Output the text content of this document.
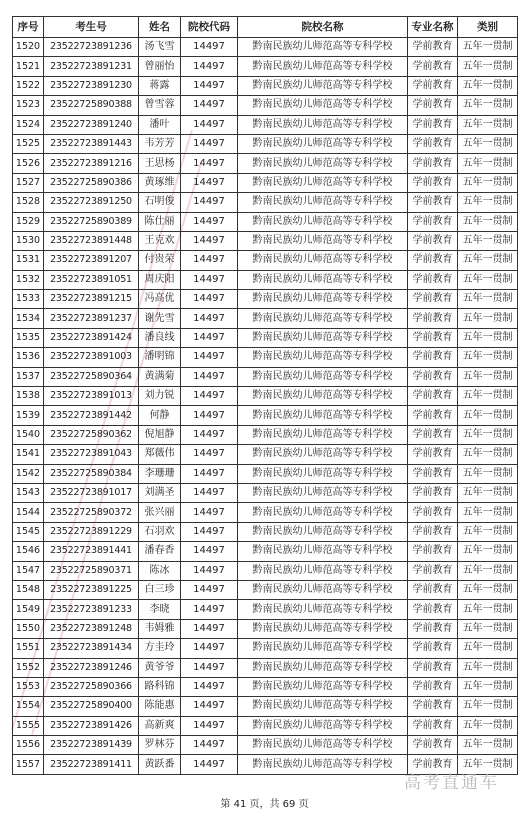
序号	考生号	姓名	院校代码	院校名称	专业名称	类别
1520	23522723891236	汤飞雪	14497	黔南民族幼儿师范高等专科学校	学前教育	五年一贯制
1521	23522723891231	曾丽怡	14497	黔南民族幼儿师范高等专科学校	学前教育	五年一贯制
1522	23522723891230	蒋露	14497	黔南民族幼儿师范高等专科学校	学前教育	五年一贯制
1523	23522725890388	曾雪蓉	14497	黔南民族幼儿师范高等专科学校	学前教育	五年一贯制
1524	23522723891240	潘叶	14497	黔南民族幼儿师范高等专科学校	学前教育	五年一贯制
1525	23522723891443	韦芳芳	14497	黔南民族幼儿师范高等专科学校	学前教育	五年一贯制
1526	23522723891216	王思杨	14497	黔南民族幼儿师范高等专科学校	学前教育	五年一贯制
1527	23522725890386	黄琢维	14497	黔南民族幼儿师范高等专科学校	学前教育	五年一贯制
1528	23522723891250	石明俊	14497	黔南民族幼儿师范高等专科学校	学前教育	五年一贯制
1529	23522725890389	陈仕丽	14497	黔南民族幼儿师范高等专科学校	学前教育	五年一贯制
1530	23522723891448	王克欢	14497	黔南民族幼儿师范高等专科学校	学前教育	五年一贯制
1531	23522723891207	付贵荣	14497	黔南民族幼儿师范高等专科学校	学前教育	五年一贯制
1532	23522723891051	周庆阳	14497	黔南民族幼儿师范高等专科学校	学前教育	五年一贯制
1533	23522723891215	冯高优	14497	黔南民族幼儿师范高等专科学校	学前教育	五年一贯制
1534	23522723891237	谢先雪	14497	黔南民族幼儿师范高等专科学校	学前教育	五年一贯制
1535	23522723891424	潘良线	14497	黔南民族幼儿师范高等专科学校	学前教育	五年一贯制
1536	23522723891003	潘明锦	14497	黔南民族幼儿师范高等专科学校	学前教育	五年一贯制
1537	23522725890364	黄满菊	14497	黔南民族幼儿师范高等专科学校	学前教育	五年一贯制
1538	23522723891013	刘力锐	14497	黔南民族幼儿师范高等专科学校	学前教育	五年一贯制
1539	23522723891442	何静	14497	黔南民族幼儿师范高等专科学校	学前教育	五年一贯制
1540	23522725890362	倪旭静	14497	黔南民族幼儿师范高等专科学校	学前教育	五年一贯制
1541	23522723891043	郑薇伟	14497	黔南民族幼儿师范高等专科学校	学前教育	五年一贯制
1542	23522725890384	李珊珊	14497	黔南民族幼儿师范高等专科学校	学前教育	五年一贯制
1543	23522723891017	刘满圣	14497	黔南民族幼儿师范高等专科学校	学前教育	五年一贯制
1544	23522725890372	张兴丽	14497	黔南民族幼儿师范高等专科学校	学前教育	五年一贯制
1545	23522723891229	石羽欢	14497	黔南民族幼儿师范高等专科学校	学前教育	五年一贯制
1546	23522723891441	潘春香	14497	黔南民族幼儿师范高等专科学校	学前教育	五年一贯制
1547	23522725890371	陈冰	14497	黔南民族幼儿师范高等专科学校	学前教育	五年一贯制
1548	23522723891225	白三珍	14497	黔南民族幼儿师范高等专科学校	学前教育	五年一贯制
1549	23522723891233	李晓	14497	黔南民族幼儿师范高等专科学校	学前教育	五年一贯制
1550	23522723891248	韦姆雅	14497	黔南民族幼儿师范高等专科学校	学前教育	五年一贯制
1551	23522723891434	方圭玲	14497	黔南民族幼儿师范高等专科学校	学前教育	五年一贯制
1552	23522723891246	黄爷爷	14497	黔南民族幼儿师范高等专科学校	学前教育	五年一贯制
1553	23522725890366	路科锦	14497	黔南民族幼儿师范高等专科学校	学前教育	五年一贯制
1554	23522725890400	陈能惠	14497	黔南民族幼儿师范高等专科学校	学前教育	五年一贯制
1555	23522723891426	高新爽	14497	黔南民族幼儿师范高等专科学校	学前教育	五年一贯制
1556	23522723891439	罗林芬	14497	黔南民族幼儿师范高等专科学校	学前教育	五年一贯制
1557	23522723891411	黄跃番	14497	黔南民族幼儿师范高等专科学校	学前教育	五年一贯制
第 41 页，共 69 页
高考直通车
